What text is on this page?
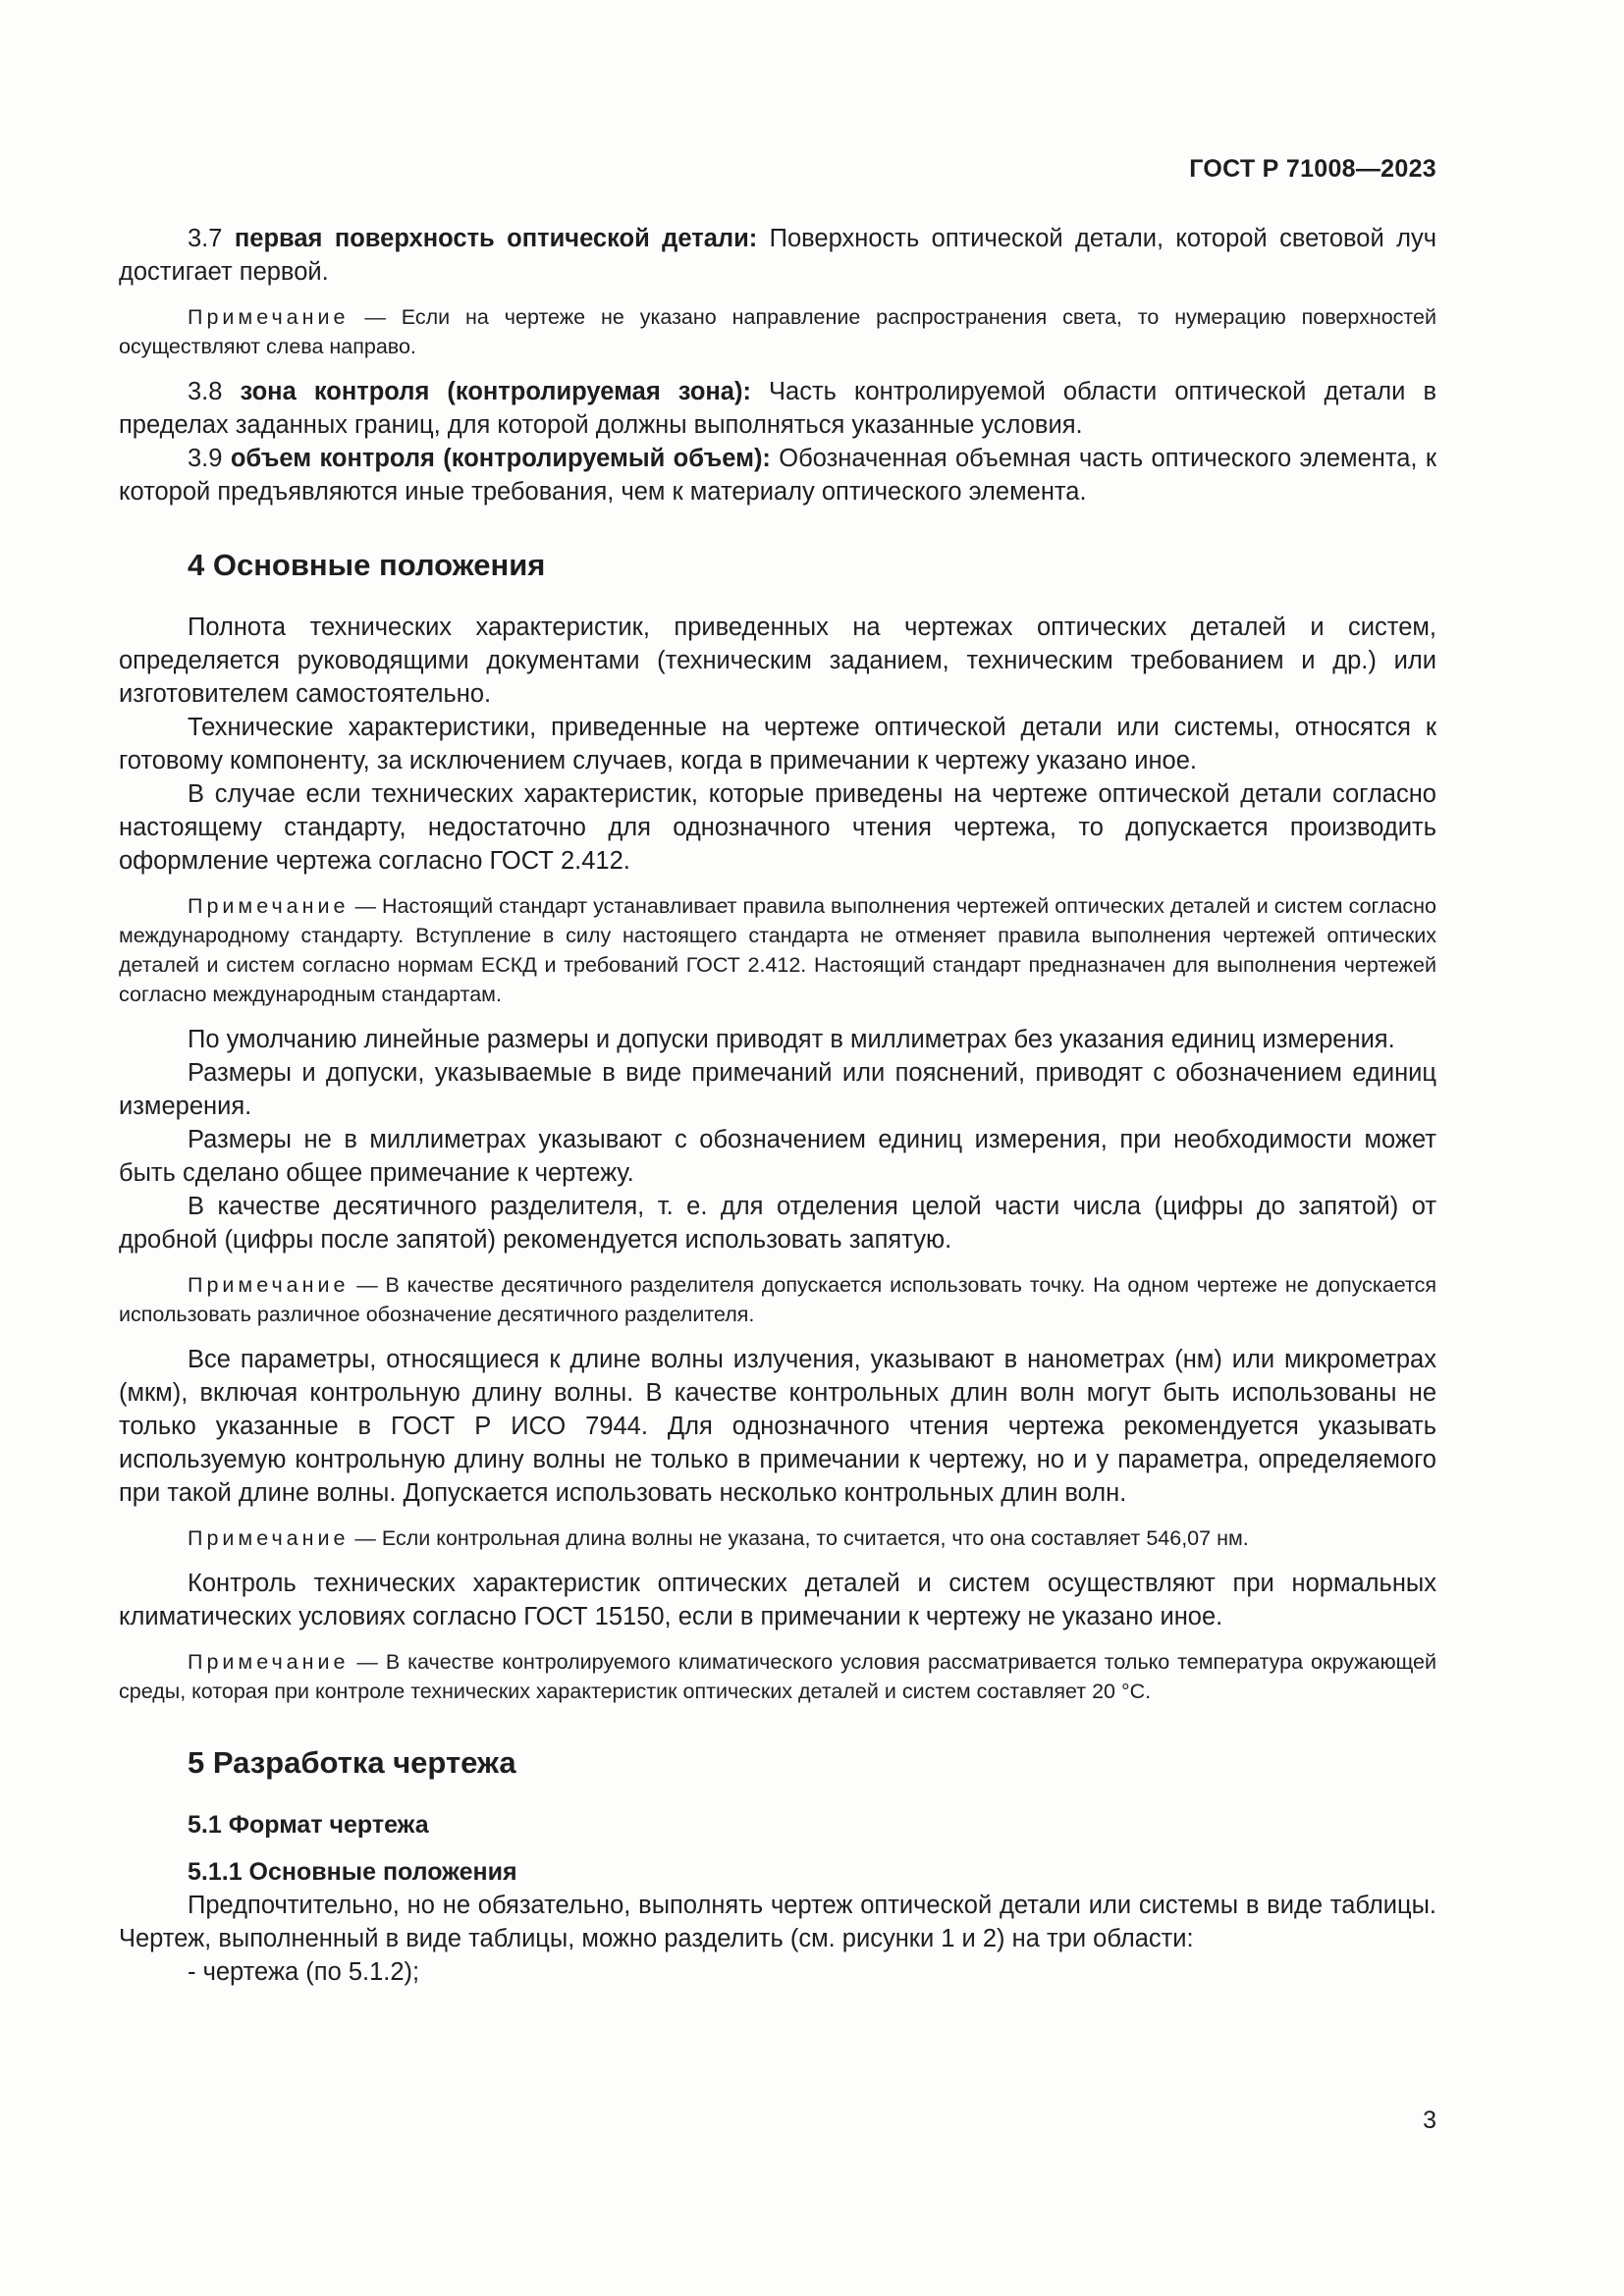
ГОСТ Р 71008—2023

3.7 первая поверхность оптической детали: Поверхность оптической детали, которой световой луч достигает первой.

Примечание — Если на чертеже не указано направление распространения света, то нумерацию поверхностей осуществляют слева направо.

3.8 зона контроля (контролируемая зона): Часть контролируемой области оптической детали в пределах заданных границ, для которой должны выполняться указанные условия.

3.9 объем контроля (контролируемый объем): Обозначенная объемная часть оптического элемента, к которой предъявляются иные требования, чем к материалу оптического элемента.

4 Основные положения

Полнота технических характеристик, приведенных на чертежах оптических деталей и систем, определяется руководящими документами (техническим заданием, техническим требованием и др.) или изготовителем самостоятельно.

Технические характеристики, приведенные на чертеже оптической детали или системы, относятся к готовому компоненту, за исключением случаев, когда в примечании к чертежу указано иное.

В случае если технических характеристик, которые приведены на чертеже оптической детали согласно настоящему стандарту, недостаточно для однозначного чтения чертежа, то допускается производить оформление чертежа согласно ГОСТ 2.412.

Примечание — Настоящий стандарт устанавливает правила выполнения чертежей оптических деталей и систем согласно международному стандарту. Вступление в силу настоящего стандарта не отменяет правила выполнения чертежей оптических деталей и систем согласно нормам ЕСКД и требований ГОСТ 2.412. Настоящий стандарт предназначен для выполнения чертежей согласно международным стандартам.

По умолчанию линейные размеры и допуски приводят в миллиметрах без указания единиц измерения.

Размеры и допуски, указываемые в виде примечаний или пояснений, приводят с обозначением единиц измерения.

Размеры не в миллиметрах указывают с обозначением единиц измерения, при необходимости может быть сделано общее примечание к чертежу.

В качестве десятичного разделителя, т. е. для отделения целой части числа (цифры до запятой) от дробной (цифры после запятой) рекомендуется использовать запятую.

Примечание — В качестве десятичного разделителя допускается использовать точку. На одном чертеже не допускается использовать различное обозначение десятичного разделителя.

Все параметры, относящиеся к длине волны излучения, указывают в нанометрах (нм) или микрометрах (мкм), включая контрольную длину волны. В качестве контрольных длин волн могут быть использованы не только указанные в ГОСТ Р ИСО 7944. Для однозначного чтения чертежа рекомендуется указывать используемую контрольную длину волны не только в примечании к чертежу, но и у параметра, определяемого при такой длине волны. Допускается использовать несколько контрольных длин волн.

Примечание — Если контрольная длина волны не указана, то считается, что она составляет 546,07 нм.

Контроль технических характеристик оптических деталей и систем осуществляют при нормальных климатических условиях согласно ГОСТ 15150, если в примечании к чертежу не указано иное.

Примечание — В качестве контролируемого климатического условия рассматривается только температура окружающей среды, которая при контроле технических характеристик оптических деталей и систем составляет 20 °C.

5 Разработка чертежа
5.1 Формат чертежа
5.1.1 Основные положения

Предпочтительно, но не обязательно, выполнять чертеж оптической детали или системы в виде таблицы. Чертеж, выполненный в виде таблицы, можно разделить (см. рисунки 1 и 2) на три области:

- чертежа (по 5.1.2);

3
